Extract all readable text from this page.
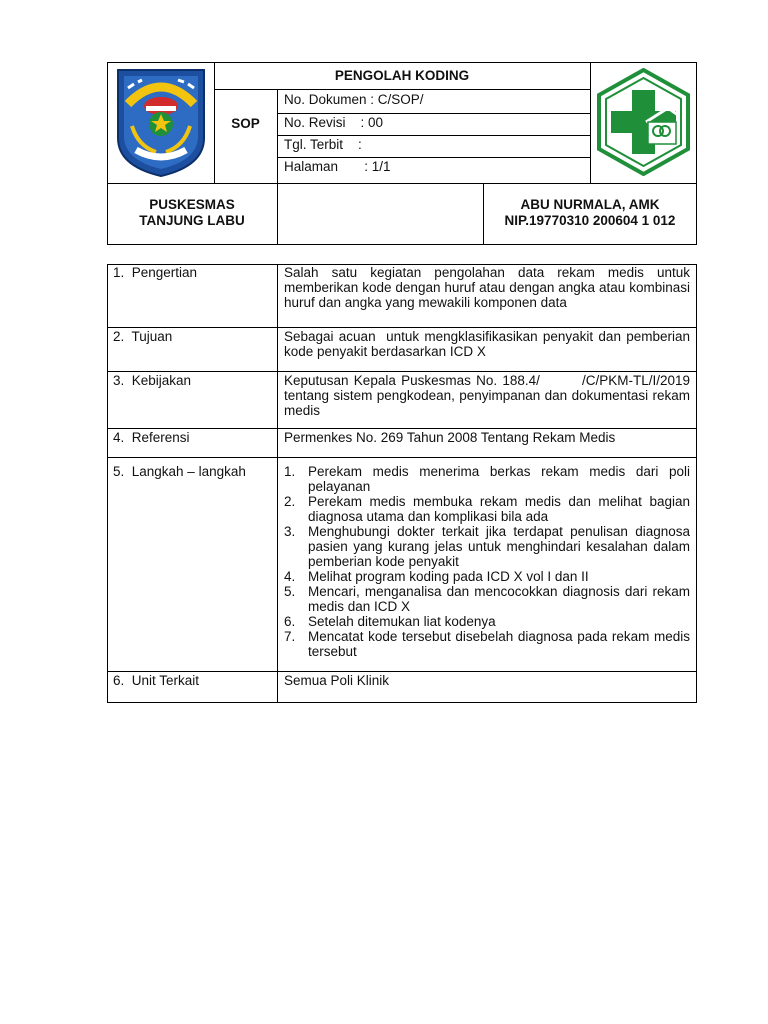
PENGOLAH KODING
SOP
No. Dokumen : C/SOP/
No. Revisi    : 00
Tgl. Terbit    :
Halaman       : 1/1
PUSKESMAS
TANJUNG LABU
ABU NURMALA, AMK
NIP.19770310 200604 1 012
1.  Pengertian	Salah satu kegiatan pengolahan data rekam medis untuk memberikan kode dengan huruf atau dengan angka atau kombinasi huruf dan angka yang mewakili komponen data
2.  Tujuan	Sebagai acuan  untuk mengklasifikasikan penyakit dan pemberian kode penyakit berdasarkan ICD X
3.  Kebijakan	Keputusan Kepala Puskesmas No. 188.4/        /C/PKM-TL/I/2019 tentang sistem pengkodean, penyimpanan dan dokumentasi rekam medis
4.  Referensi	Permenkes No. 269 Tahun 2008 Tentang Rekam Medis
5.  Langkah – langkah	1. Perekam medis menerima berkas rekam medis dari poli pelayanan
2. Perekam medis membuka rekam medis dan melihat bagian diagnosa utama dan komplikasi bila ada
3. Menghubungi dokter terkait jika terdapat penulisan diagnosa pasien yang kurang jelas untuk menghindari kesalahan dalam pemberian kode penyakit
4. Melihat program koding pada ICD X vol I dan II
5. Mencari, menganalisa dan mencocokkan diagnosis dari rekam medis dan ICD X
6. Setelah ditemukan liat kodenya
7. Mencatat kode tersebut disebelah diagnosa pada rekam medis tersebut
6.  Unit Terkait	Semua Poli Klinik
